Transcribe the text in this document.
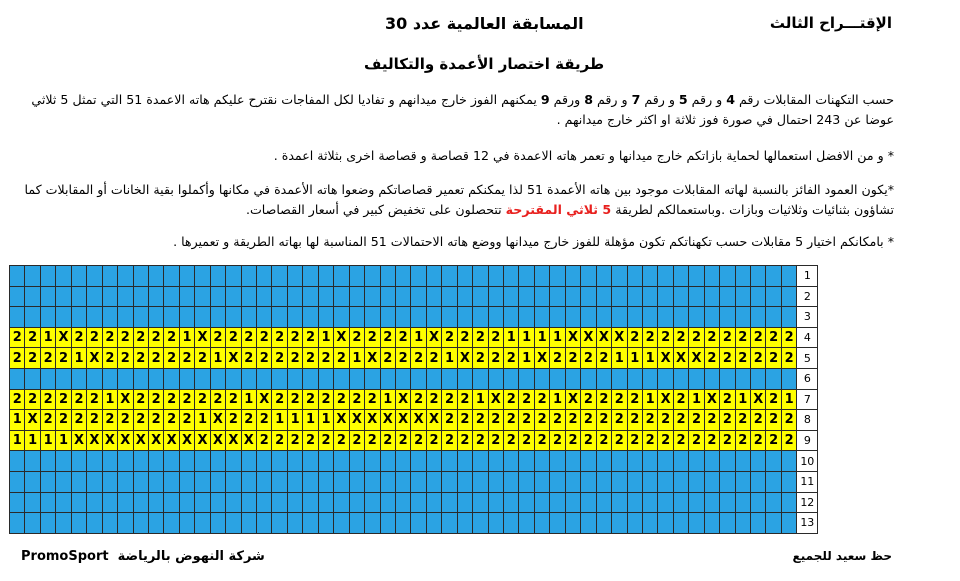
الإقتـــراح الثالث
المسابقة العالمية عدد 30
طريقة اختصار الأعمدة والتكاليف
حسب التكهنات المقابلات رقم 4 و رقم 5 و رقم 7 و رقم 8 ورقم 9 يمكنهم الفوز خارج ميدانهم و تفاديا لكل المفاجات نقترح عليكم هاته الاعمدة 51 التي تمثل 5 ثلاثي عوضا عن 243 احتمال في صورة فوز ثلاثة او اكثر خارج ميدانهم .
* و من الافضل استعمالها لحماية بازاتكم خارج ميدانها و تعمر هاته الاعمدة في 12 قصاصة و قصاصة اخرى بثلاثة اعمدة .
*يكون العمود الفائز بالنسبة لهاته المقابلات موجود بين هاته الأعمدة 51 لذا يمكنكم تعمير قصاصاتكم وضعوا هاته الأعمدة في مكانها وأكملوا بقية الخانات أو المقابلات كما تشاؤون بثنائيات وثلاثيات وبازات .وباستعمالكم لطريقة 5 ثلاثي المقترحة تتحصلون على تخفيض كبير في أسعار القصاصات.
* بامكانكم اختيار 5 مقابلات حسب تكهناتكم تكون مؤهلة للفوز خارج ميدانها ووضع هاته الاحتمالات 51 المناسبة لها بهاته الطريقة و تعميرها .
																																																			1
																																																			2
																																																			3
2	2	1	X	2	2	2	2	2	2	2	1	X	2	2	2	2	2	2	2	1	X	2	2	2	2	1	X	2	2	2	2	1	1	1	1	X	X	X	X	2	2	2	2	2	2	2	2	2	2	2	4
2	2	2	2	1	X	2	2	2	2	2	2	2	1	X	2	2	2	2	2	2	2	1	X	2	2	2	2	1	X	2	2	2	1	X	2	2	2	2	1	1	1	X	X	X	2	2	2	2	2	2	5
																																																			6
2	2	2	2	2	2	1	X	2	2	2	2	2	2	2	1	X	2	2	2	2	2	2	2	1	X	2	2	2	2	1	X	2	2	2	1	X	2	2	2	2	1	X	2	1	X	2	1	X	2	1	7
1	X	2	2	2	2	2	2	2	2	2	2	1	X	2	2	2	1	1	1	1	X	X	X	X	X	X	X	2	2	2	2	2	2	2	2	2	2	2	2	2	2	2	2	2	2	2	2	2	2	2	8
1	1	1	1	X	X	X	X	X	X	X	X	X	X	X	X	2	2	2	2	2	2	2	2	2	2	2	2	2	2	2	2	2	2	2	2	2	2	2	2	2	2	2	2	2	2	2	2	2	2	2	9
																																																			10
																																																			11
																																																			12
																																																			13
شركة النهوض بالرياضة  PromoSport	حظ سعيد للجميع
